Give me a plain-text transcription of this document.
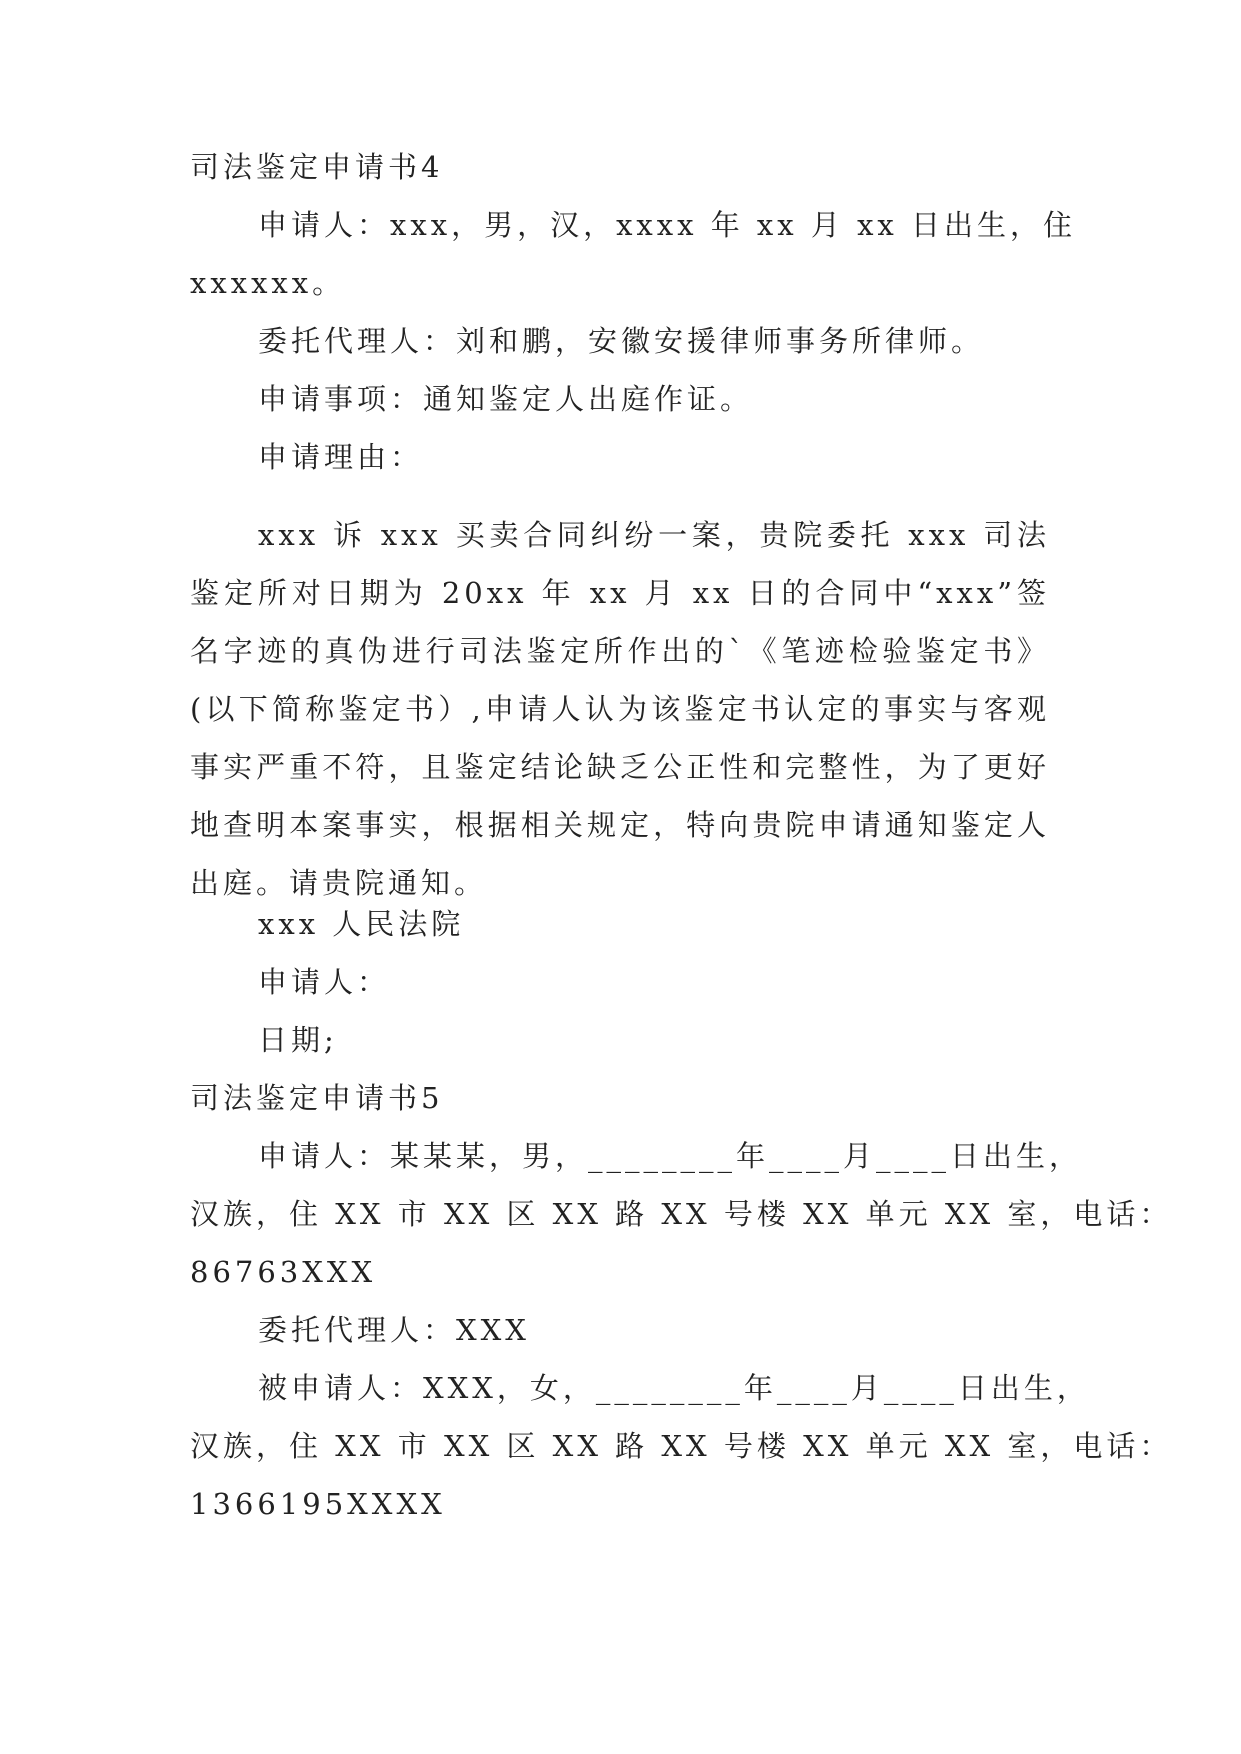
司法鉴定申请书4
申请人：xxx，男，汉，xxxx 年 xx 月 xx 日出生，住
xxxxxx。
委托代理人：刘和鹏，安徽安援律师事务所律师。
申请事项：通知鉴定人出庭作证。
申请理由：
xxx 诉 xxx 买卖合同纠纷一案，贵院委托 xxx 司法鉴定所对日期为 20xx 年 xx 月 xx 日的合同中“xxx”签名字迹的真伪进行司法鉴定所作出的`《笔迹检验鉴定书》(以下简称鉴定书）,申请人认为该鉴定书认定的事实与客观事实严重不符，且鉴定结论缺乏公正性和完整性，为了更好地查明本案事实，根据相关规定，特向贵院申请通知鉴定人出庭。请贵院通知。
xxx 人民法院
申请人：
日期;
司法鉴定申请书5
申请人：某某某，男，________年____月____日出生，
汉族，住 XX 市 XX 区 XX 路 XX 号楼 XX 单元 XX 室，电话：
86763XXX
委托代理人：XXX
被申请人：XXX，女，________年____月____日出生，
汉族，住 XX 市 XX 区 XX 路 XX 号楼 XX 单元 XX 室，电话：
1366195XXXX
